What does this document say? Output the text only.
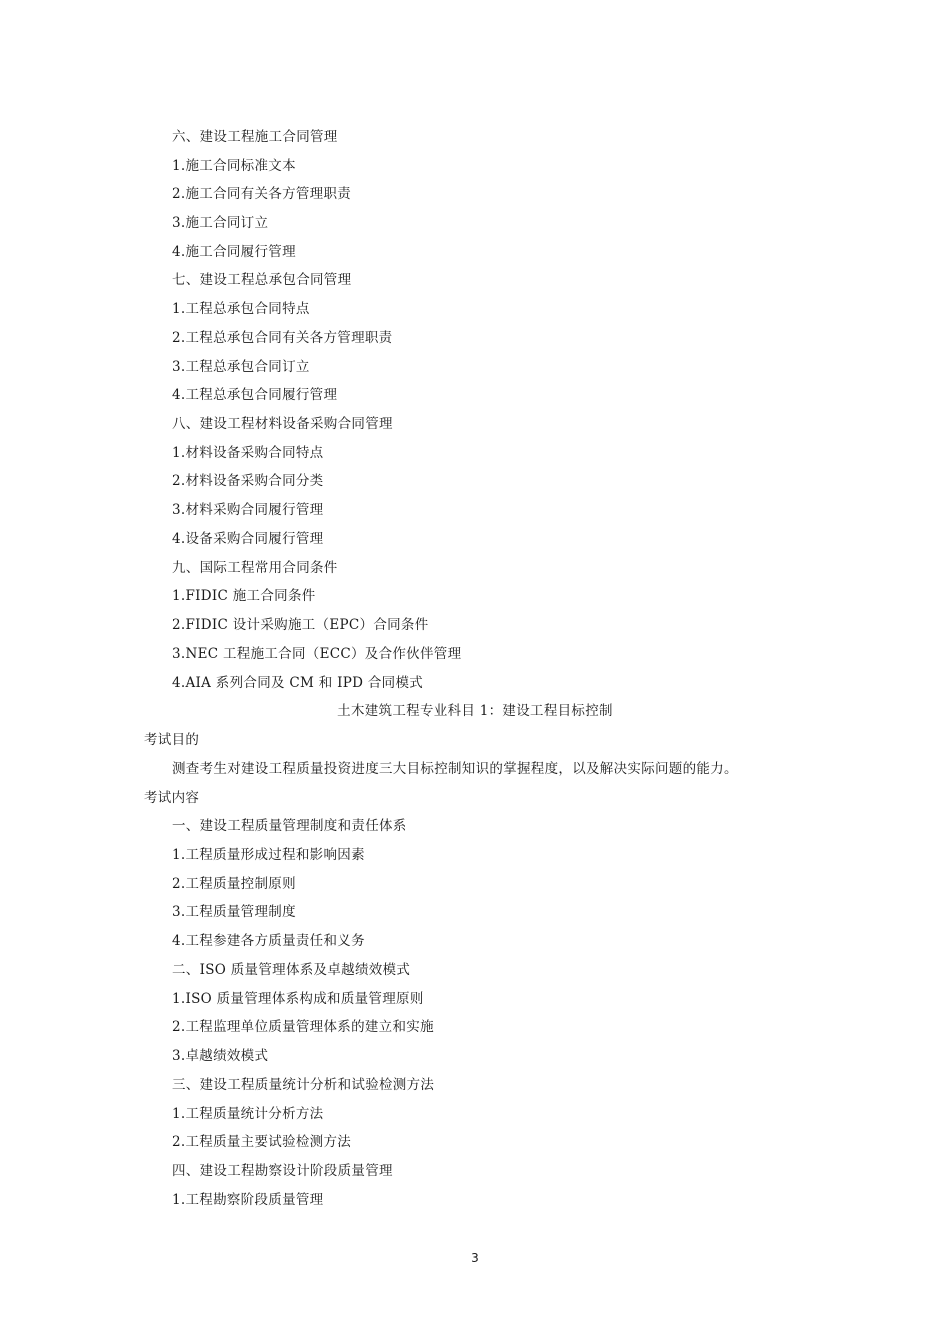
六、建设工程施工合同管理
1.施工合同标准文本
2.施工合同有关各方管理职责
3.施工合同订立
4.施工合同履行管理
七、建设工程总承包合同管理
1.工程总承包合同特点
2.工程总承包合同有关各方管理职责
3.工程总承包合同订立
4.工程总承包合同履行管理
八、建设工程材料设备采购合同管理
1.材料设备采购合同特点
2.材料设备采购合同分类
3.材料采购合同履行管理
4.设备采购合同履行管理
九、国际工程常用合同条件
1.FIDIC 施工合同条件
2.FIDIC 设计采购施工（EPC）合同条件
3.NEC 工程施工合同（ECC）及合作伙伴管理
4.AIA 系列合同及 CM 和 IPD 合同模式
土木建筑工程专业科目 1：建设工程目标控制
考试目的
测查考生对建设工程质量投资进度三大目标控制知识的掌握程度，以及解决实际问题的能力。
考试内容
一、建设工程质量管理制度和责任体系
1.工程质量形成过程和影响因素
2.工程质量控制原则
3.工程质量管理制度
4.工程参建各方质量责任和义务
二、ISO 质量管理体系及卓越绩效模式
1.ISO 质量管理体系构成和质量管理原则
2.工程监理单位质量管理体系的建立和实施
3.卓越绩效模式
三、建设工程质量统计分析和试验检测方法
1.工程质量统计分析方法
2.工程质量主要试验检测方法
四、建设工程勘察设计阶段质量管理
1.工程勘察阶段质量管理
3
